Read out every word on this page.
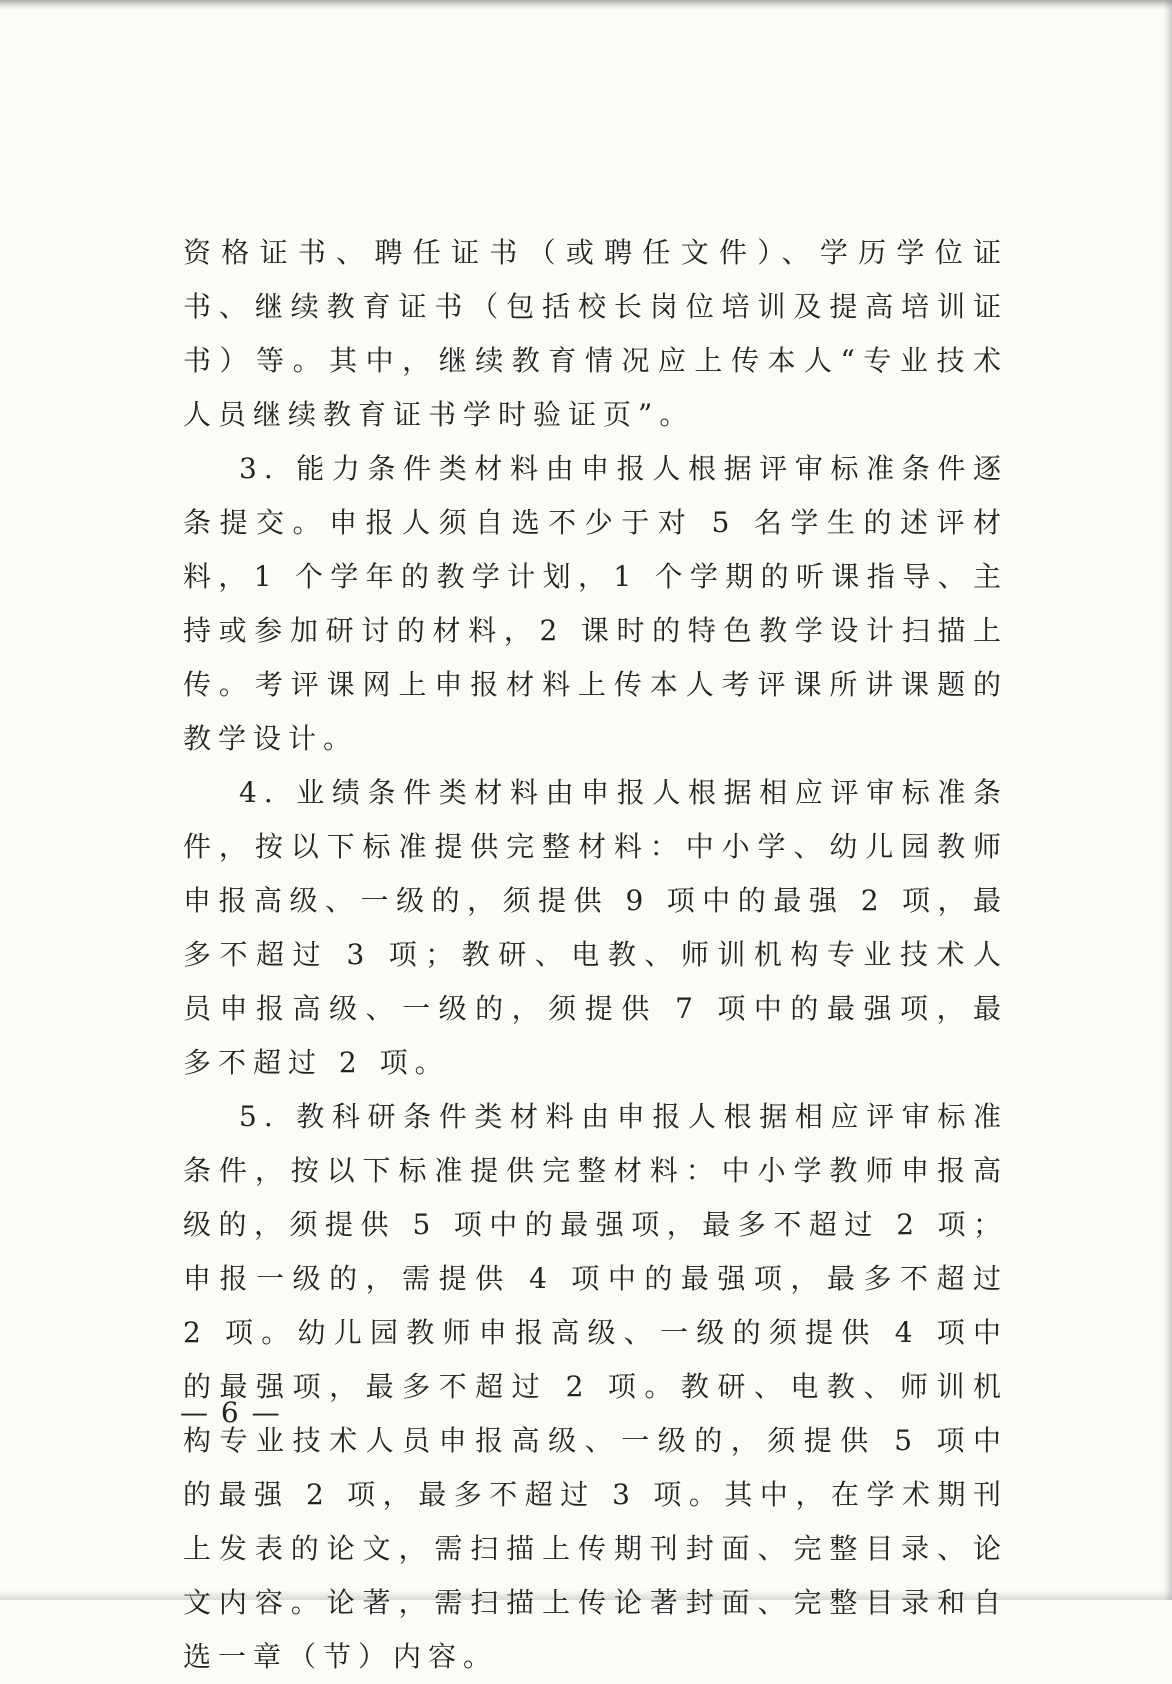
资格证书、聘任证书（或聘任文件）、学历学位证书、继续教育证书（包括校长岗位培训及提高培训证书）等。其中，继续教育情况应上传本人“专业技术人员继续教育证书学时验证页”。

3. 能力条件类材料由申报人根据评审标准条件逐条提交。申报人须自选不少于对 5 名学生的述评材料，1 个学年的教学计划，1 个学期的听课指导、主持或参加研讨的材料，2 课时的特色教学设计扫描上传。考评课网上申报材料上传本人考评课所讲课题的教学设计。

4. 业绩条件类材料由申报人根据相应评审标准条件，按以下标准提供完整材料：中小学、幼儿园教师申报高级、一级的，须提供 9 项中的最强 2 项，最多不超过 3 项；教研、电教、师训机构专业技术人员申报高级、一级的，须提供 7 项中的最强项，最多不超过 2 项。

5. 教科研条件类材料由申报人根据相应评审标准条件，按以下标准提供完整材料：中小学教师申报高级的，须提供 5 项中的最强项，最多不超过 2 项；申报一级的，需提供 4 项中的最强项，最多不超过 2 项。幼儿园教师申报高级、一级的须提供 4 项中的最强项，最多不超过 2 项。教研、电教、师训机构专业技术人员申报高级、一级的，须提供 5 项中的最强 2 项，最多不超过 3 项。其中，在学术期刊上发表的论文，需扫描上传期刊封面、完整目录、论文内容。论著，需扫描上传论著封面、完整目录和自选一章（节）内容。

— 6 —
